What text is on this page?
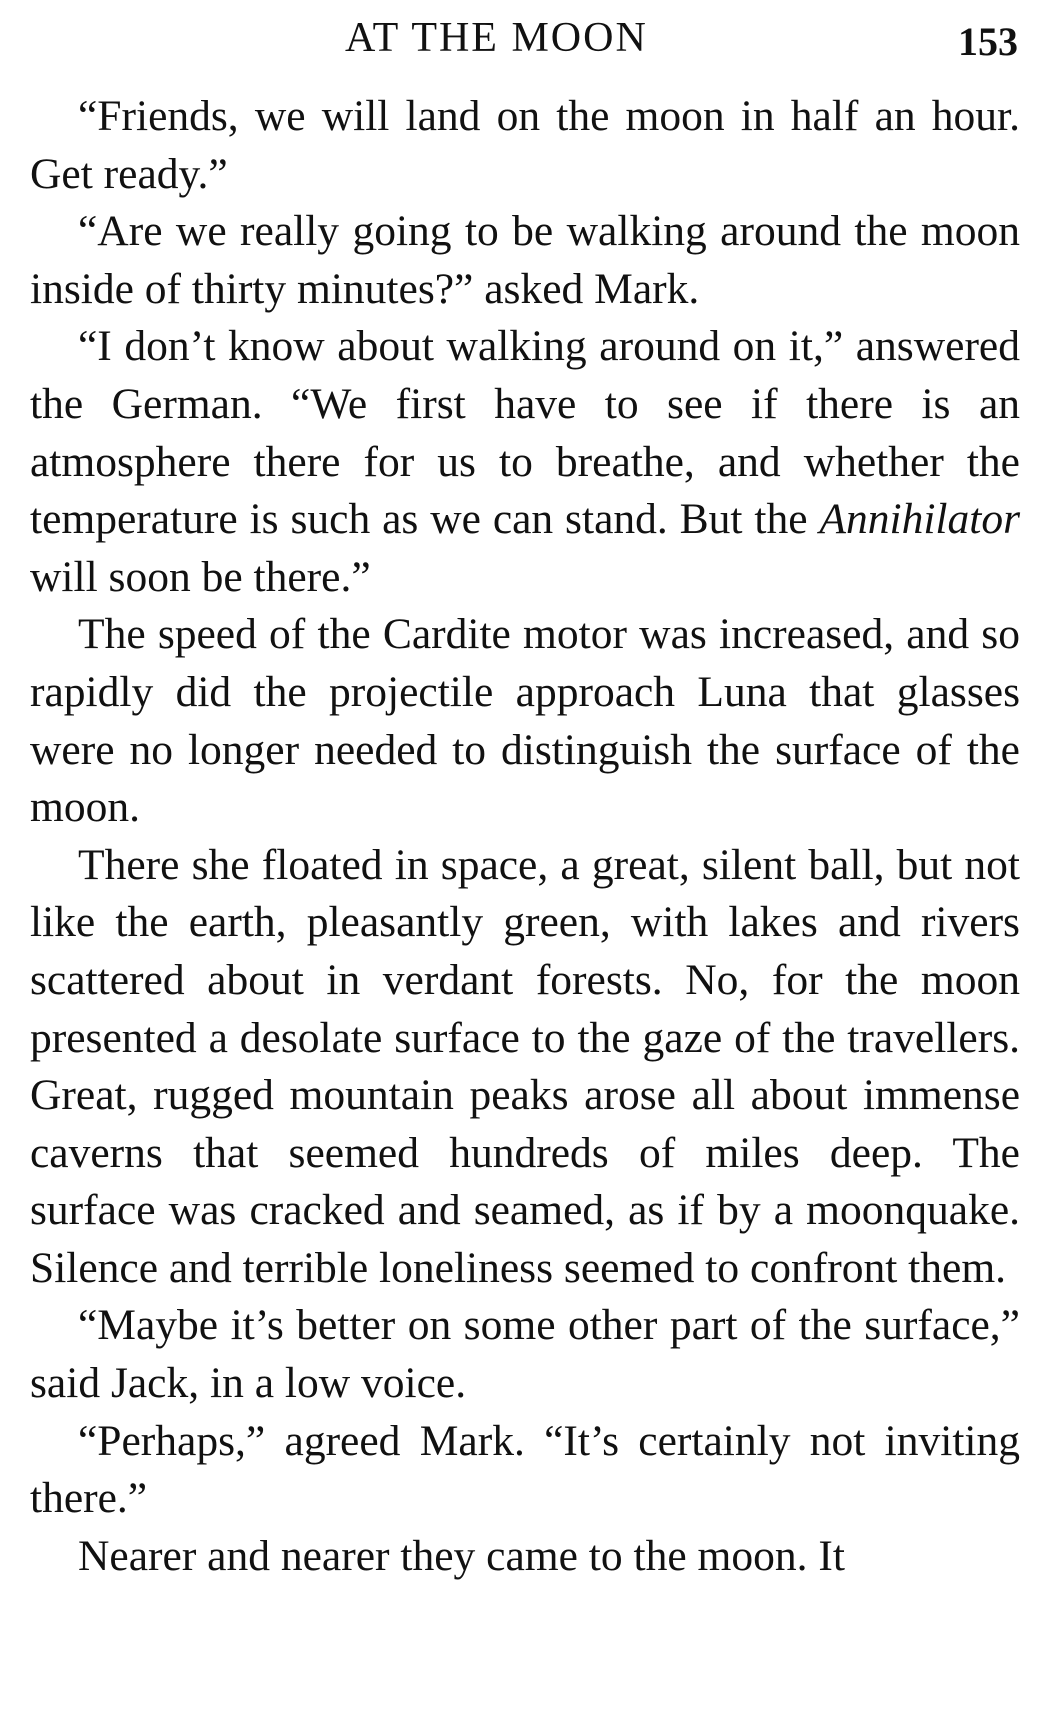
AT THE MOON	153

“Friends, we will land on the moon in half an hour. Get ready.”

“Are we really going to be walking around the moon inside of thirty minutes?” asked Mark.

“I don’t know about walking around on it,” answered the German. “We first have to see if there is an atmosphere there for us to breathe, and whether the temperature is such as we can stand. But the Annihilator will soon be there.”

The speed of the Cardite motor was increased, and so rapidly did the projectile approach Luna that glasses were no longer needed to distinguish the surface of the moon.

There she floated in space, a great, silent ball, but not like the earth, pleasantly green, with lakes and rivers scattered about in verdant forests. No, for the moon presented a desolate surface to the gaze of the travellers. Great, rugged mountain peaks arose all about immense caverns that seemed hundreds of miles deep. The surface was cracked and seamed, as if by a moonquake. Silence and terrible loneliness seemed to confront them.

“Maybe it’s better on some other part of the surface,” said Jack, in a low voice.

“Perhaps,” agreed Mark. “It’s certainly not inviting there.”

Nearer and nearer they came to the moon. It
